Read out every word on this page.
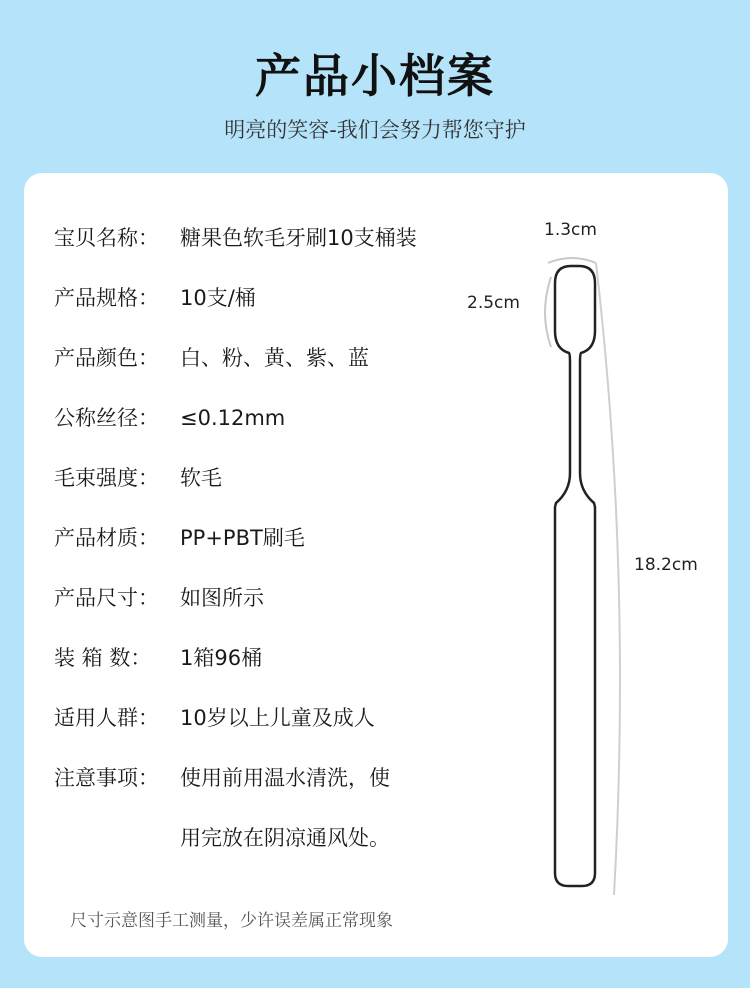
产品小档案
明亮的笑容-我们会努力帮您守护
宝贝名称： 糖果色软毛牙刷10支桶装
产品规格： 10支/桶
产品颜色： 白、粉、黄、紫、蓝
公称丝径： ≤0.12mm
毛束强度： 软毛
产品材质： PP+PBT刷毛
产品尺寸： 如图所示
装 箱 数： 1箱96桶
适用人群： 10岁以上儿童及成人
注意事项： 使用前用温水清洗，使
用完放在阴凉通风处。
1.3cm
2.5cm
18.2cm
尺寸示意图手工测量，少许误差属正常现象
